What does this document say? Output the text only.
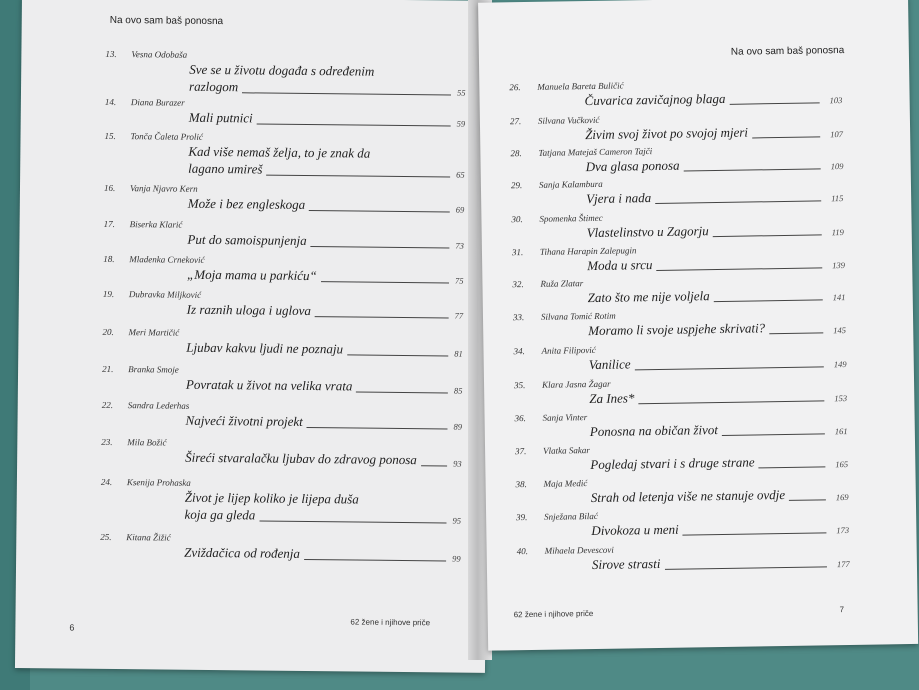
Na ovo sam baš ponosna
13. Vesna Odobaša
Sve se u životu događa s određenim
razlogom	55
14. Diana Burazer
Mali putnici	59
15. Tonča Čaleta Prolić
Kad više nemaš želja, to je znak da
lagano umireš	65
16. Vanja Njavro Kern
Može i bez engleskoga	69
17. Biserka Klarić
Put do samoispunjenja	73
18. Mladenka Crneković
„Moja mama u parkiću“	75
19. Dubravka Miljković
Iz raznih uloga i uglova	77
20. Meri Martičić
Ljubav kakvu ljudi ne poznaju	81
21. Branka Smoje
Povratak u život na velika vrata	85
22. Sandra Lederhas
Najveći životni projekt	89
23. Mila Božić
Šireći stvaralačku ljubav do zdravog ponosa	93
24. Ksenija Prohaska
Život je lijep koliko je lijepa duša
koja ga gleda	95
25. Kitana Žižić
Zviždačica od rođenja	99
62 žene i njihove priče
6
Na ovo sam baš ponosna
26. Manuela Bareta Buličić
Čuvarica zavičajnog blaga	103
27. Silvana Vučković
Živim svoj život po svojoj mjeri	107
28. Tatjana Matejaš Cameron Tajči
Dva glasa ponosa	109
29. Sanja Kalambura
Vjera i nada	115
30. Spomenka Štimec
Vlastelinstvo u Zagorju	119
31. Tihana Harapin Zalepugin
Moda u srcu	139
32. Ruža Zlatar
Zato što me nije voljela	141
33. Silvana Tomić Rotim
Moramo li svoje uspjehe skrivati?	145
34. Anita Filipović
Vanilice	149
35. Klara Jasna Žagar
Za Ines*	153
36. Sanja Vinter
Ponosna na običan život	161
37. Vlatka Sakar
Pogledaj stvari i s druge strane	165
38. Maja Medić
Strah od letenja više ne stanuje ovdje	169
39. Snježana Bilać
Divokoza u meni	173
40. Mihaela Devescovi
Sirove strasti	177
62 žene i njihove priče	7
